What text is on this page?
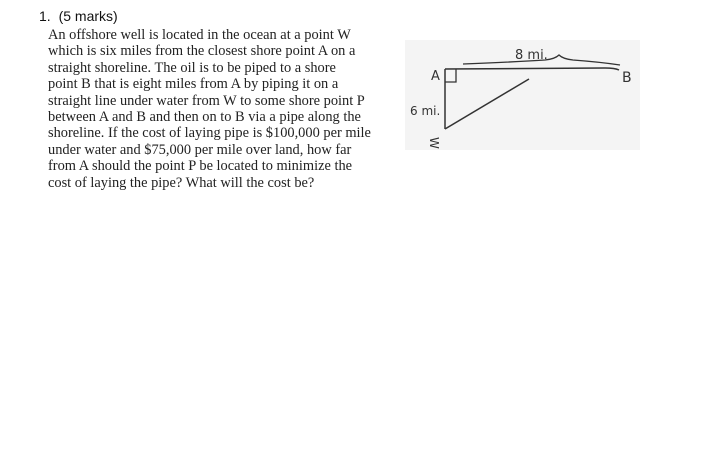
1. (5 marks)
An offshore well is located in the ocean at a point W
which is six miles from the closest shore point A on a
straight shoreline. The oil is to be piped to a shore
point B that is eight miles from A by piping it on a
straight line under water from W to some shore point P
between A and B and then on to B via a pipe along the
shoreline. If the cost of laying pipe is $100,000 per mile
under water and $75,000 per mile over land, how far
from A should the point P be located to minimize the
cost of laying the pipe? What will the cost be?
A	B
8 mi.
6 mi.
W
